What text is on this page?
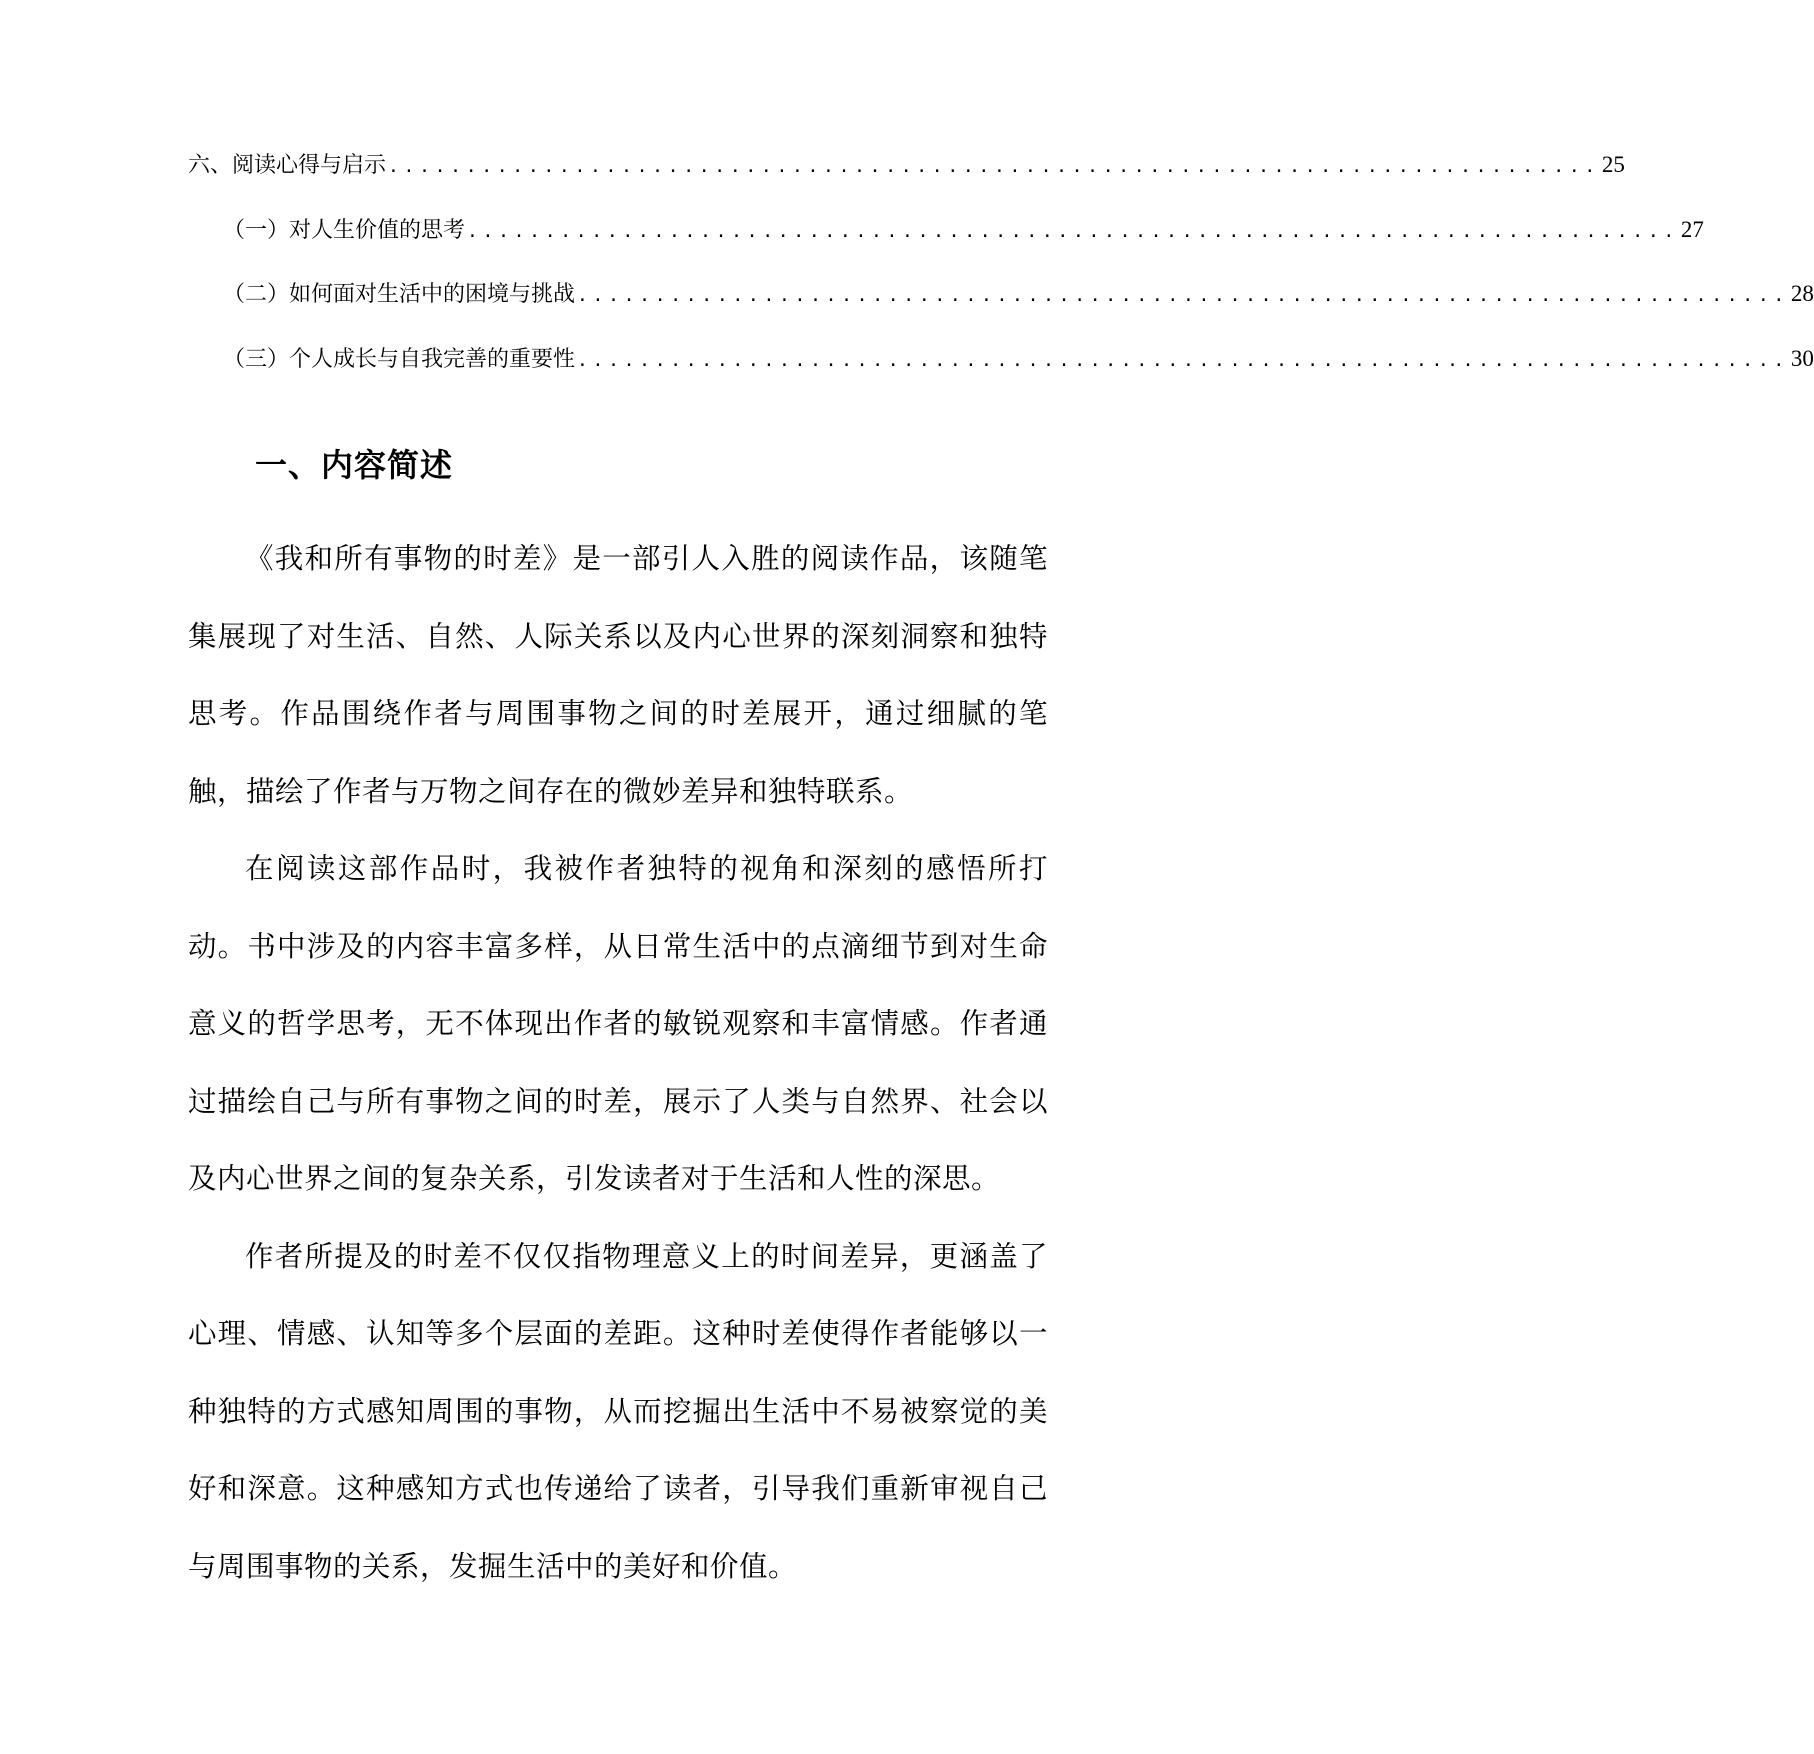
六、阅读心得与启示 .............................................................................. 25
（一）对人生价值的思考 .............................................................................. 27
（二）如何面对生活中的困境与挑战 .............................................................................. 28
（三）个人成长与自我完善的重要性 .............................................................................. 30
一、内容简述

《我和所有事物的时差》是一部引人入胜的阅读作品，该随笔集展现了对生活、自然、人际关系以及内心世界的深刻洞察和独特思考。作品围绕作者与周围事物之间的时差展开，通过细腻的笔触，描绘了作者与万物之间存在的微妙差异和独特联系。

在阅读这部作品时，我被作者独特的视角和深刻的感悟所打动。书中涉及的内容丰富多样，从日常生活中的点滴细节到对生命意义的哲学思考，无不体现出作者的敏锐观察和丰富情感。作者通过描绘自己与所有事物之间的时差，展示了人类与自然界、社会以及内心世界之间的复杂关系，引发读者对于生活和人性的深思。

作者所提及的时差不仅仅指物理意义上的时间差异，更涵盖了心理、情感、认知等多个层面的差距。这种时差使得作者能够以一种独特的方式感知周围的事物，从而挖掘出生活中不易被察觉的美好和深意。这种感知方式也传递给了读者，引导我们重新审视自己与周围事物的关系，发掘生活中的美好和价值。
